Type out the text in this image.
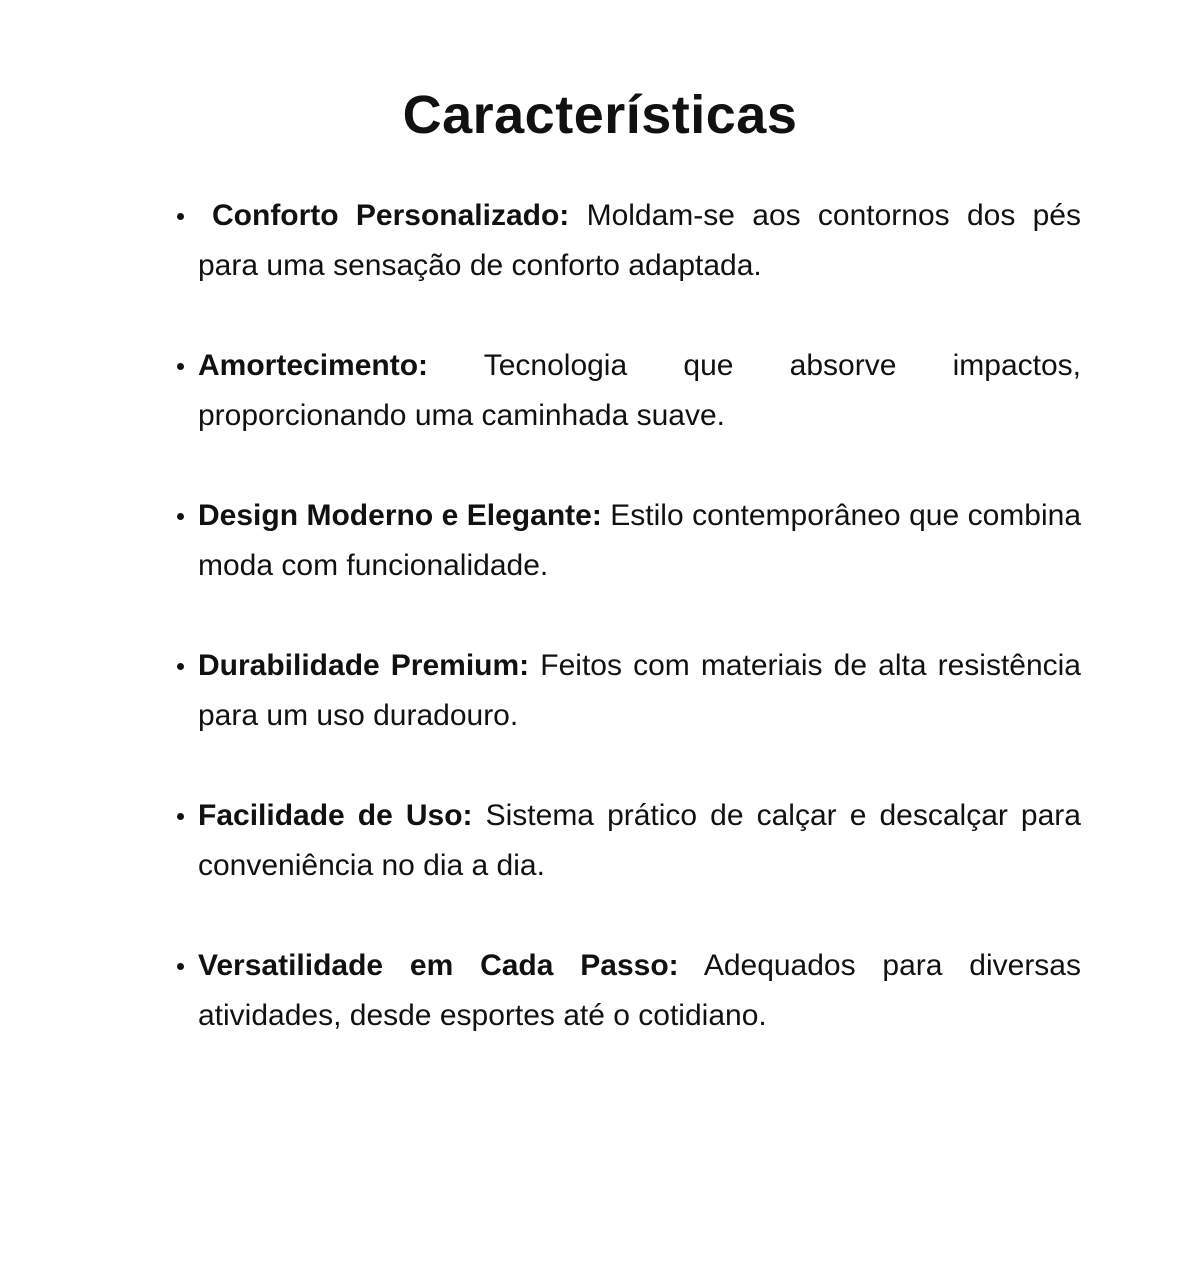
Características
Conforto Personalizado: Moldam-se aos contornos dos pés para uma sensação de conforto adaptada.
Amortecimento: Tecnologia que absorve impactos, proporcionando uma caminhada suave.
Design Moderno e Elegante: Estilo contemporâneo que combina moda com funcionalidade.
Durabilidade Premium: Feitos com materiais de alta resistência para um uso duradouro.
Facilidade de Uso: Sistema prático de calçar e descalçar para conveniência no dia a dia.
Versatilidade em Cada Passo: Adequados para diversas atividades, desde esportes até o cotidiano.
